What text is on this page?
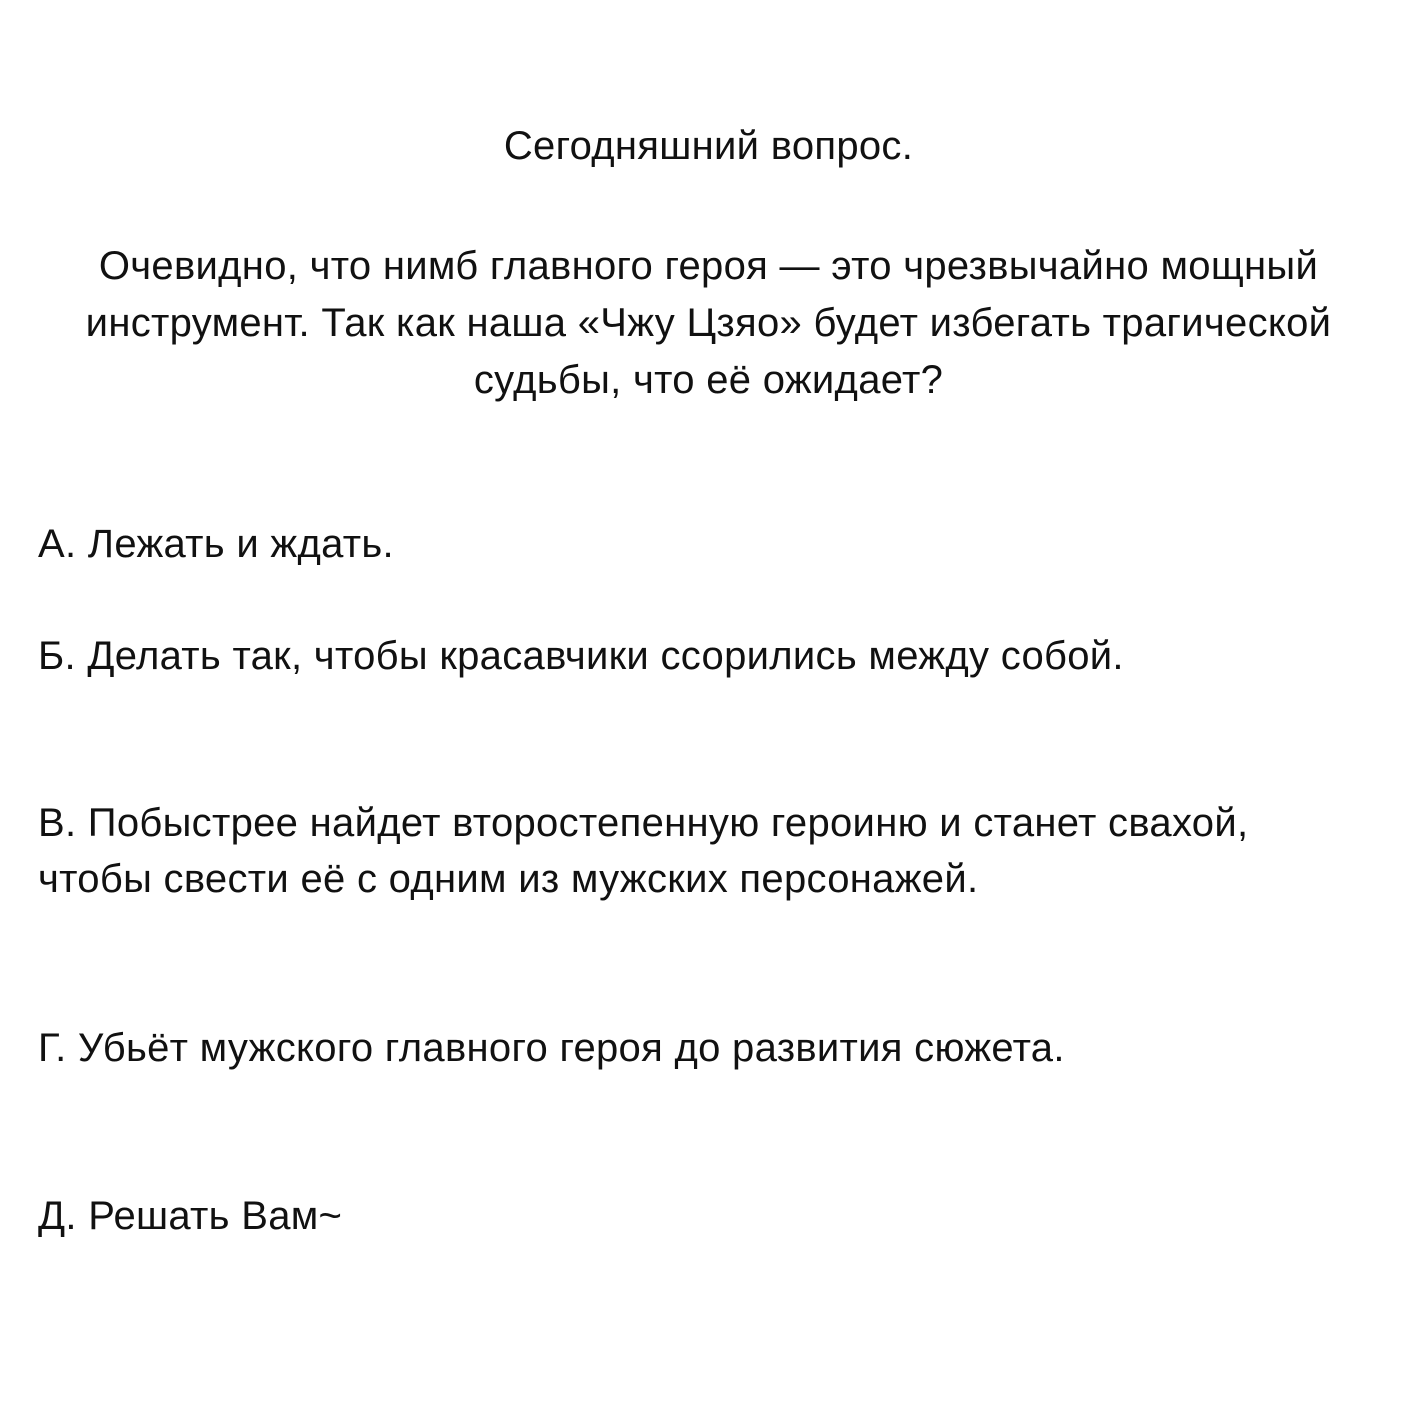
Сегодняшний вопрос.
Очевидно, что нимб главного героя — это чрезвычайно мощный инструмент. Так как наша «Чжу Цзяо» будет избегать трагической судьбы, что её ожидает?
А. Лежать и ждать.
Б. Делать так, чтобы красавчики ссорились между собой.
В. Побыстрее найдет второстепенную героиню и станет свахой, чтобы свести её с одним из мужских персонажей.
Г. Убьёт мужского главного героя до развития сюжета.
Д. Решать Вам~
